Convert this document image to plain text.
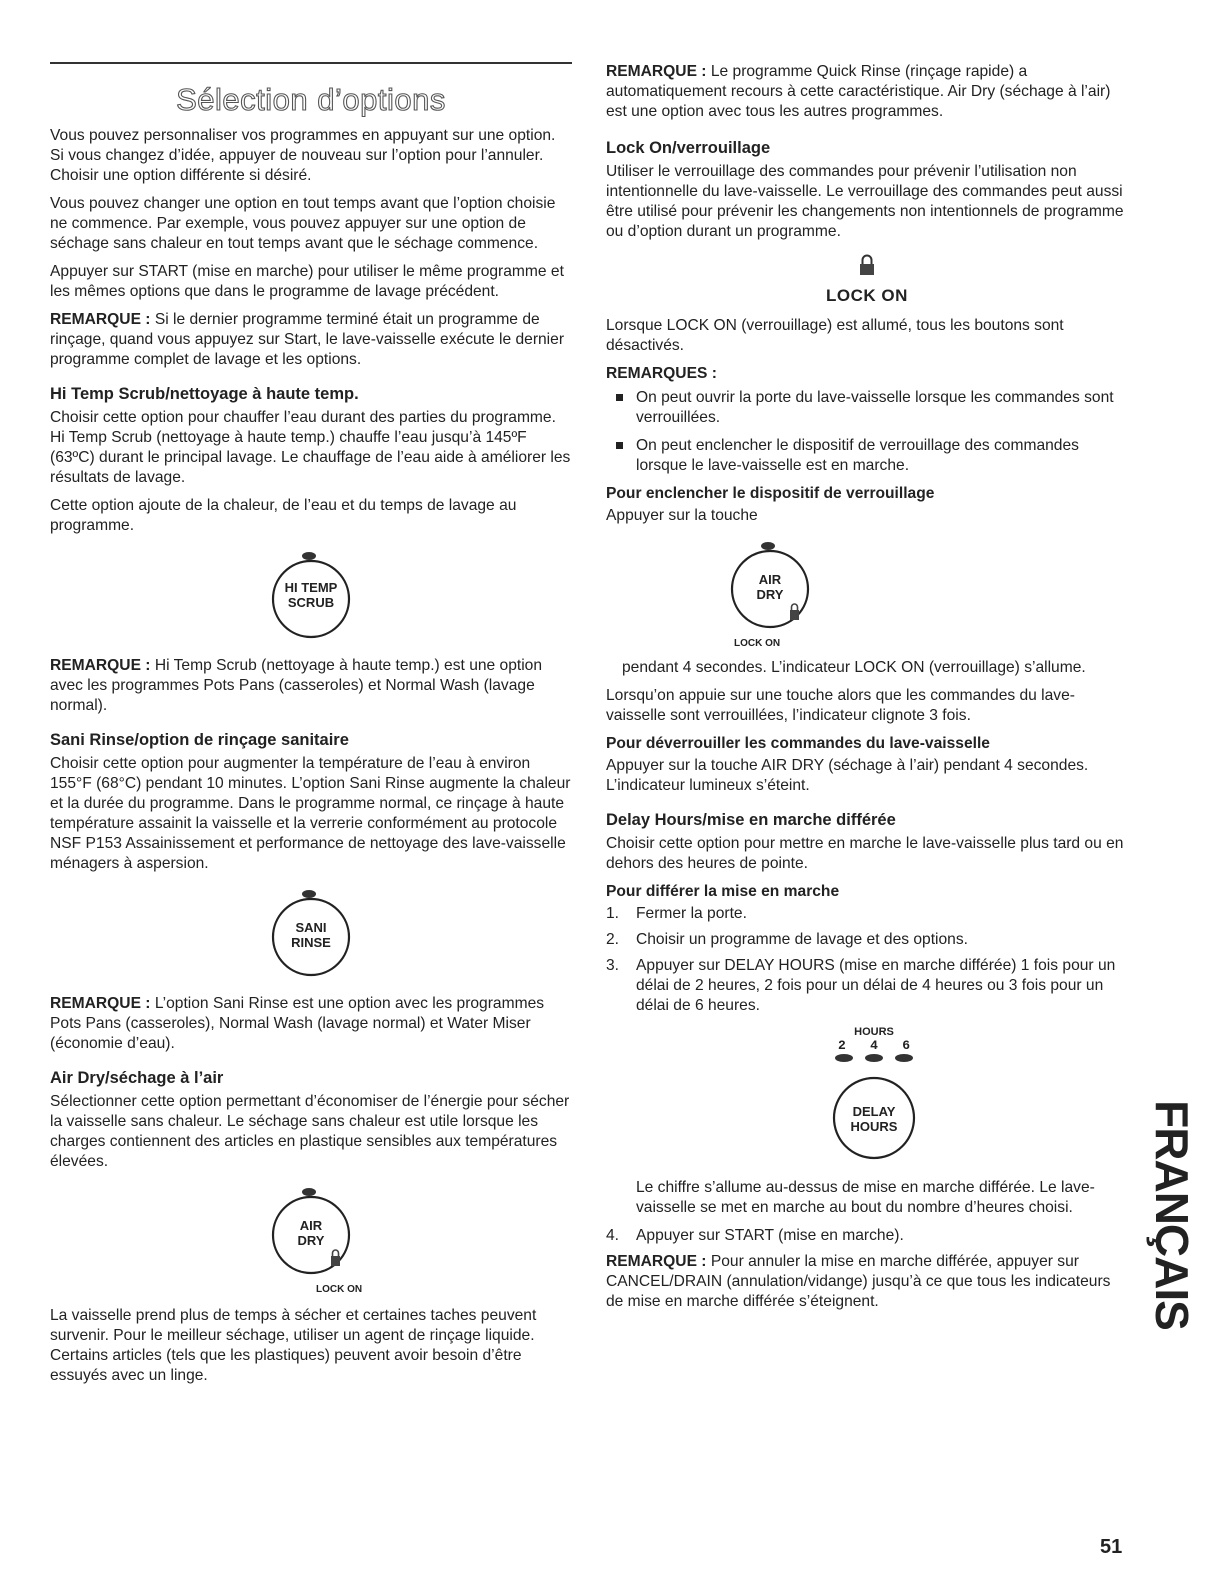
Sélection d’options

Vous pouvez personnaliser vos programmes en appuyant sur une option. Si vous changez d’idée, appuyer de nouveau sur l’option pour l’annuler. Choisir une option différente si désiré.

Vous pouvez changer une option en tout temps avant que l’option choisie ne commence. Par exemple, vous pouvez appuyer sur une option de séchage sans chaleur en tout temps avant que le séchage commence.

Appuyer sur START (mise en marche) pour utiliser le même programme et les mêmes options que dans le programme de lavage précédent.

REMARQUE : Si le dernier programme terminé était un programme de rinçage, quand vous appuyez sur Start, le lave-vaisselle exécute le dernier programme complet de lavage et les options.

Hi Temp Scrub/nettoyage à haute temp.

Choisir cette option pour chauffer l’eau durant des parties du programme. Hi Temp Scrub (nettoyage à haute temp.) chauffe l’eau jusqu’à 145ºF (63ºC) durant le principal lavage. Le chauffage de l’eau aide à améliorer les résultats de lavage.

Cette option ajoute de la chaleur, de l’eau et du temps de lavage au programme.

HI TEMP
SCRUB

REMARQUE : Hi Temp Scrub (nettoyage à haute temp.) est une option avec les programmes Pots Pans (casseroles) et Normal Wash (lavage normal).

Sani Rinse/option de rinçage sanitaire

Choisir cette option pour augmenter la température de l’eau à environ 155°F (68°C) pendant 10 minutes. L’option Sani Rinse augmente la chaleur et la durée du programme. Dans le programme normal, ce rinçage à haute température assainit la vaisselle et la verrerie conformément au protocole NSF P153 Assainissement et performance de nettoyage des lave-vaisselle ménagers à aspersion.

SANI
RINSE

REMARQUE : L’option Sani Rinse est une option avec les programmes Pots Pans (casseroles), Normal Wash (lavage normal) et Water Miser (économie d’eau).

Air Dry/séchage à l’air

Sélectionner cette option permettant d’économiser de l’énergie pour sécher la vaisselle sans chaleur. Le séchage sans chaleur est utile lorsque les charges contiennent des articles en plastique sensibles aux températures élevées.

AIR
DRY
LOCK ON

La vaisselle prend plus de temps à sécher et certaines taches peuvent survenir. Pour le meilleur séchage, utiliser un agent de rinçage liquide. Certains articles (tels que les plastiques) peuvent avoir besoin d’être essuyés avec un linge.

REMARQUE : Le programme Quick Rinse (rinçage rapide) a automatiquement recours à cette caractéristique. Air Dry (séchage à l’air) est une option avec tous les autres programmes.

Lock On/verrouillage

Utiliser le verrouillage des commandes pour prévenir l’utilisation non intentionnelle du lave-vaisselle. Le verrouillage des commandes peut aussi être utilisé pour prévenir les changements non intentionnels de programme ou d’option durant un programme.

LOCK ON

Lorsque LOCK ON (verrouillage) est allumé, tous les boutons sont désactivés.

REMARQUES :
On peut ouvrir la porte du lave-vaisselle lorsque les commandes sont verrouillées.
On peut enclencher le dispositif de verrouillage des commandes lorsque le lave-vaisselle est en marche.
Pour enclencher le dispositif de verrouillage

Appuyer sur la touche

AIR
DRY
LOCK ON

pendant 4 secondes. L’indicateur LOCK ON (verrouillage) s’allume.

Lorsqu’on appuie sur une touche alors que les commandes du lave-vaisselle sont verrouillées, l’indicateur clignote 3 fois.

Pour déverrouiller les commandes du lave-vaisselle

Appuyer sur la touche AIR DRY (séchage à l’air) pendant 4 secondes. L’indicateur lumineux s’éteint.

Delay Hours/mise en marche différée

Choisir cette option pour mettre en marche le lave-vaisselle plus tard ou en dehors des heures de pointe.

Pour différer la mise en marche
1. Fermer la porte.
2. Choisir un programme de lavage et des options.
3. Appuyer sur DELAY HOURS (mise en marche différée) 1 fois pour un délai de 2 heures, 2 fois pour un délai de 4 heures ou 3 fois pour un délai de 6 heures.
HOURS
2 4 6
DELAY
HOURS

Le chiffre s’allume au-dessus de mise en marche différée. Le lave-vaisselle se met en marche au bout du nombre d’heures choisi.

4. Appuyer sur START (mise en marche).

REMARQUE : Pour annuler la mise en marche différée, appuyer sur CANCEL/DRAIN (annulation/vidange) jusqu’à ce que tous les indicateurs de mise en marche différée s’éteignent.	FRANÇAIS
51
